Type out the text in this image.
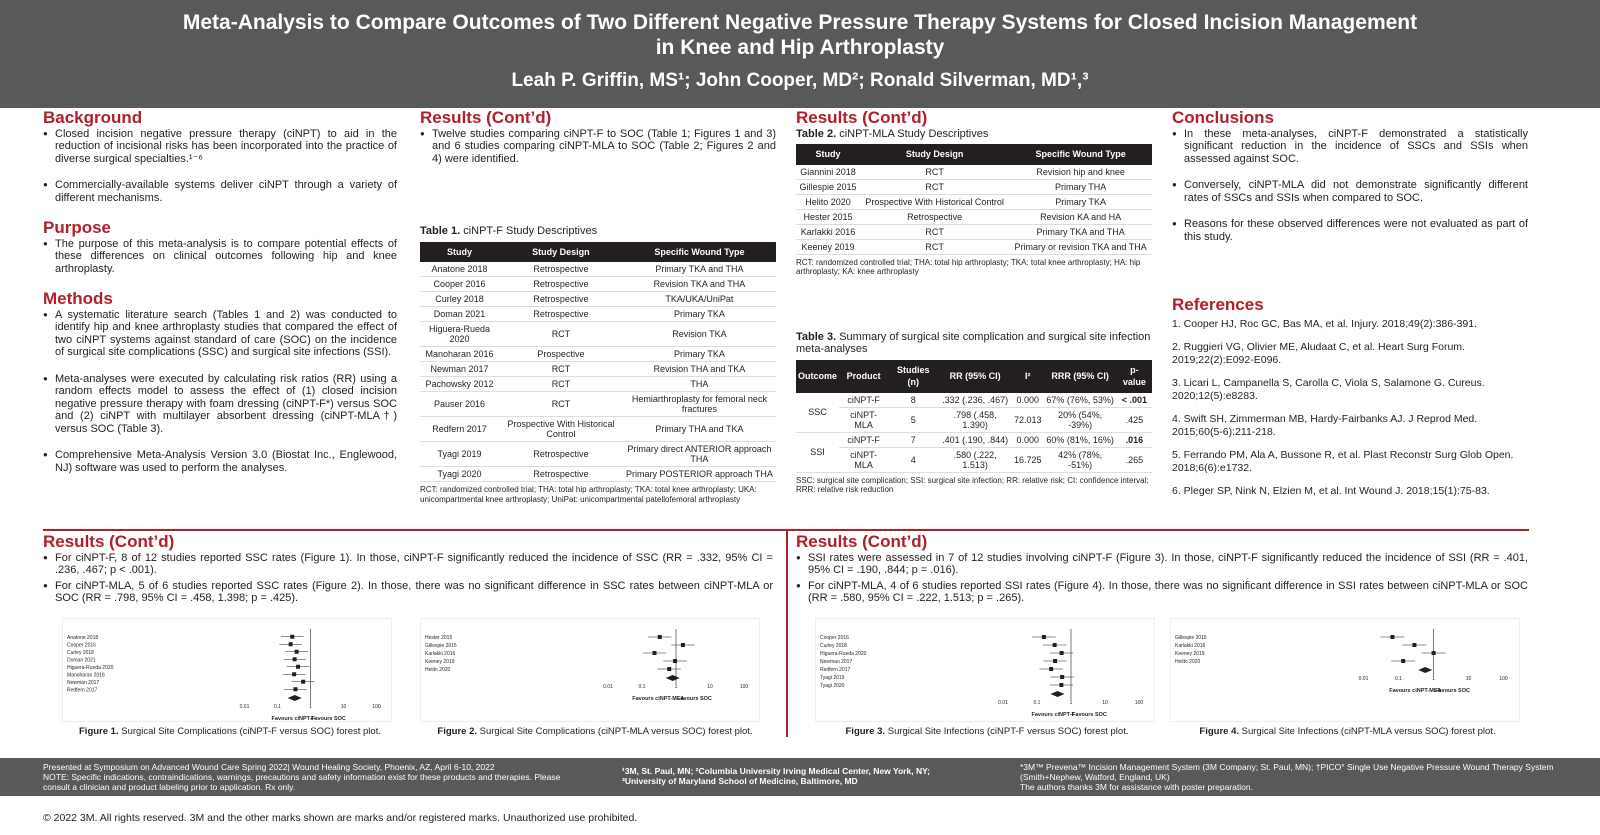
Meta-Analysis to Compare Outcomes of Two Different Negative Pressure Therapy Systems for Closed Incision Management
in Knee and Hip Arthroplasty
Leah P. Griffin, MS¹; John Cooper, MD²; Ronald Silverman, MD¹,³
Background
● Closed incision negative pressure therapy (ciNPT) to aid in the reduction of incisional risks has been incorporated into the practice of diverse surgical specialties.¹⁻⁶
● Commercially-available systems deliver ciNPT through a variety of different mechanisms.
Purpose
● The purpose of this meta-analysis is to compare potential effects of these differences on clinical outcomes following hip and knee arthroplasty.
Methods
● A systematic literature search (Tables 1 and 2) was conducted to identify hip and knee arthroplasty studies that compared the effect of two ciNPT systems against standard of care (SOC) on the incidence of surgical site complications (SSC) and surgical site infections (SSI).
● Meta-analyses were executed by calculating risk ratios (RR) using a random effects model to assess the effect of (1) closed incision negative pressure therapy with foam dressing (ciNPT-F*) versus SOC and (2) ciNPT with multilayer absorbent dressing (ciNPT-MLA†) versus SOC (Table 3).
● Comprehensive Meta-Analysis Version 3.0 (Biostat Inc., Englewood, NJ) software was used to perform the analyses.
Results (Cont’d)
● Twelve studies comparing ciNPT-F to SOC (Table 1; Figures 1 and 3) and 6 studies comparing ciNPT-MLA to SOC (Table 2; Figures 2 and 4) were identified.
Table 1. ciNPT-F Study Descriptives
Study	Study Design	Specific Wound Type
Anatone 2018	Retrospective	Primary TKA and THA
Cooper 2016	Retrospective	Revision TKA and THA
Curley 2018	Retrospective	TKA/UKA/UniPat
Doman 2021	Retrospective	Primary TKA
Higuera-Rueda 2020	RCT	Revision TKA
Manoharan 2016	Prospective	Primary TKA
Newman 2017	RCT	Revision THA and TKA
Pachowsky 2012	RCT	THA
Pauser 2016	RCT	Hemiarthroplasty for femoral neck fractures
Redfern 2017	Prospective With Historical Control	Primary THA and TKA
Tyagi 2019	Retrospective	Primary direct ANTERIOR approach THA
Tyagi 2020	Retrospective	Primary POSTERIOR approach THA
RCT: randomized controlled trial; THA: total hip arthroplasty; TKA: total knee arthroplasty; UKA: unicompartmental knee arthroplasty; UniPat: unicompartmental patellofemoral arthroplasty
Results (Cont’d)
Table 2. ciNPT-MLA Study Descriptives
Study	Study Design	Specific Wound Type
Giannini 2018	RCT	Revision hip and knee
Gillespie 2015	RCT	Primary THA
Helito 2020	Prospective With Historical Control	Primary TKA
Hester 2015	Retrospective	Revision KA and HA
Karlakki 2016	RCT	Primary TKA and THA
Keeney 2019	RCT	Primary or revision TKA and THA
RCT: randomized controlled trial; THA: total hip arthroplasty; TKA: total knee arthroplasty; HA: hip arthroplasty; KA: knee arthroplasty
Table 3. Summary of surgical site complication and surgical site infection meta-analyses
Outcome	Product	Studies (n)	RR (95% CI)	I²	RRR (95% CI)	p-value
SSC	ciNPT-F	8	.332 (.236, .467)	0.000	67% (76%, 53%)	< .001
	ciNPT-MLA	5	.798 (.458, 1.390)	72.013	20% (54%, -39%)	.425
SSI	ciNPT-F	7	.401 (.190, .844)	0.000	60% (81%, 16%)	.016
	ciNPT-MLA	4	.580 (.222, 1.513)	16.725	42% (78%, -51%)	.265
SSC: surgical site complication; SSI: surgical site infection; RR: relative risk; CI: confidence interval; RRR: relative risk reduction
Conclusions
● In these meta-analyses, ciNPT-F demonstrated a statistically significant reduction in the incidence of SSCs and SSIs when assessed against SOC.
● Conversely, ciNPT-MLA did not demonstrate significantly different rates of SSCs and SSIs when compared to SOC.
● Reasons for these observed differences were not evaluated as part of this study.
References
1. Cooper HJ, Roc GC, Bas MA, et al. Injury. 2018;49(2):386-391.
2. Ruggieri VG, Olivier ME, Aludaat C, et al. Heart Surg Forum. 2019;22(2):E092-E096.
3. Licari L, Campanella S, Carolla C, Viola S, Salamone G. Cureus. 2020;12(5):e8283.
4. Swift SH, Zimmerman MB, Hardy-Fairbanks AJ. J Reprod Med. 2015;60(5-6):211-218.
5. Ferrando PM, Ala A, Bussone R, et al. Plast Reconstr Surg Glob Open. 2018;6(6):e1732.
6. Pleger SP, Nink N, Elzien M, et al. Int Wound J. 2018;15(1):75-83.
Results (Cont’d)
● For ciNPT-F, 8 of 12 studies reported SSC rates (Figure 1). In those, ciNPT-F significantly reduced the incidence of SSC (RR = .332, 95% CI = .236, .467; p < .001).
● For ciNPT-MLA, 5 of 6 studies reported SSC rates (Figure 2). In those, there was no significant difference in SSC rates between ciNPT-MLA or SOC (RR = .798, 95% CI = .458, 1.398; p = .425).
Anatone 2018
Cooper 2016
Curley 2018
Doman 2021
Higuera-Rueda 2020
Manoharan 2016
Newman 2017
Redfern 2017
0.01	0.1	1	10	100
Favours ciNPT-F
Favours SOC
Hester 2015
Gillespie 2015
Karlakki 2016
Keeney 2019
Helito 2020
0.01	0.1	1	10	100
Favours ciNPT-MLA
Favours SOC
Figure 1. Surgical Site Complications (ciNPT-F versus SOC) forest plot.	Figure 2. Surgical Site Complications (ciNPT-MLA versus SOC) forest plot.
Results (Cont’d)
● SSI rates were assessed in 7 of 12 studies involving ciNPT-F (Figure 3). In those, ciNPT-F significantly reduced the incidence of SSI (RR = .401, 95% CI = .190, .844; p = .016).
● For ciNPT-MLA, 4 of 6 studies reported SSI rates (Figure 4). In those, there was no significant difference in SSI rates between ciNPT-MLA or SOC (RR = .580, 95% CI = .222, 1.513; p = .265).
Cooper 2016
Curley 2018
Higuera-Rueda 2020
Newman 2017
Redfern 2017
Tyagi 2019
Tyagi 2020
0.01	0.1	1	10	100
Favours ciNPT-F
Favours SOC
Gillespie 2015
Karlakki 2016
Keeney 2019
Helito 2020
0.01	0.1	1	10	100
Favours ciNPT-MLA
Favours SOC
Figure 3. Surgical Site Infections (ciNPT-F versus SOC) forest plot.	Figure 4. Surgical Site Infections (ciNPT-MLA versus SOC) forest plot.
Presented at Symposium on Advanced Wound Care Spring 2022| Wound Healing Society, Phoenix, AZ, April 6-10, 2022
NOTE: Specific indications, contraindications, warnings, precautions and safety information exist for these products and therapies. Please consult a clinician and product labeling prior to application. Rx only.
¹3M, St. Paul, MN; ²Columbia University Irving Medical Center, New York, NY;
³University of Maryland School of Medicine, Baltimore, MD
*3M™ Prevena™ Incision Management System (3M Company; St. Paul, MN); †PICO° Single Use Negative Pressure Wound Therapy System (Smith+Nephew, Watford, England, UK)
The authors thanks 3M for assistance with poster preparation.
© 2022 3M. All rights reserved. 3M and the other marks shown are marks and/or registered marks. Unauthorized use prohibited.
